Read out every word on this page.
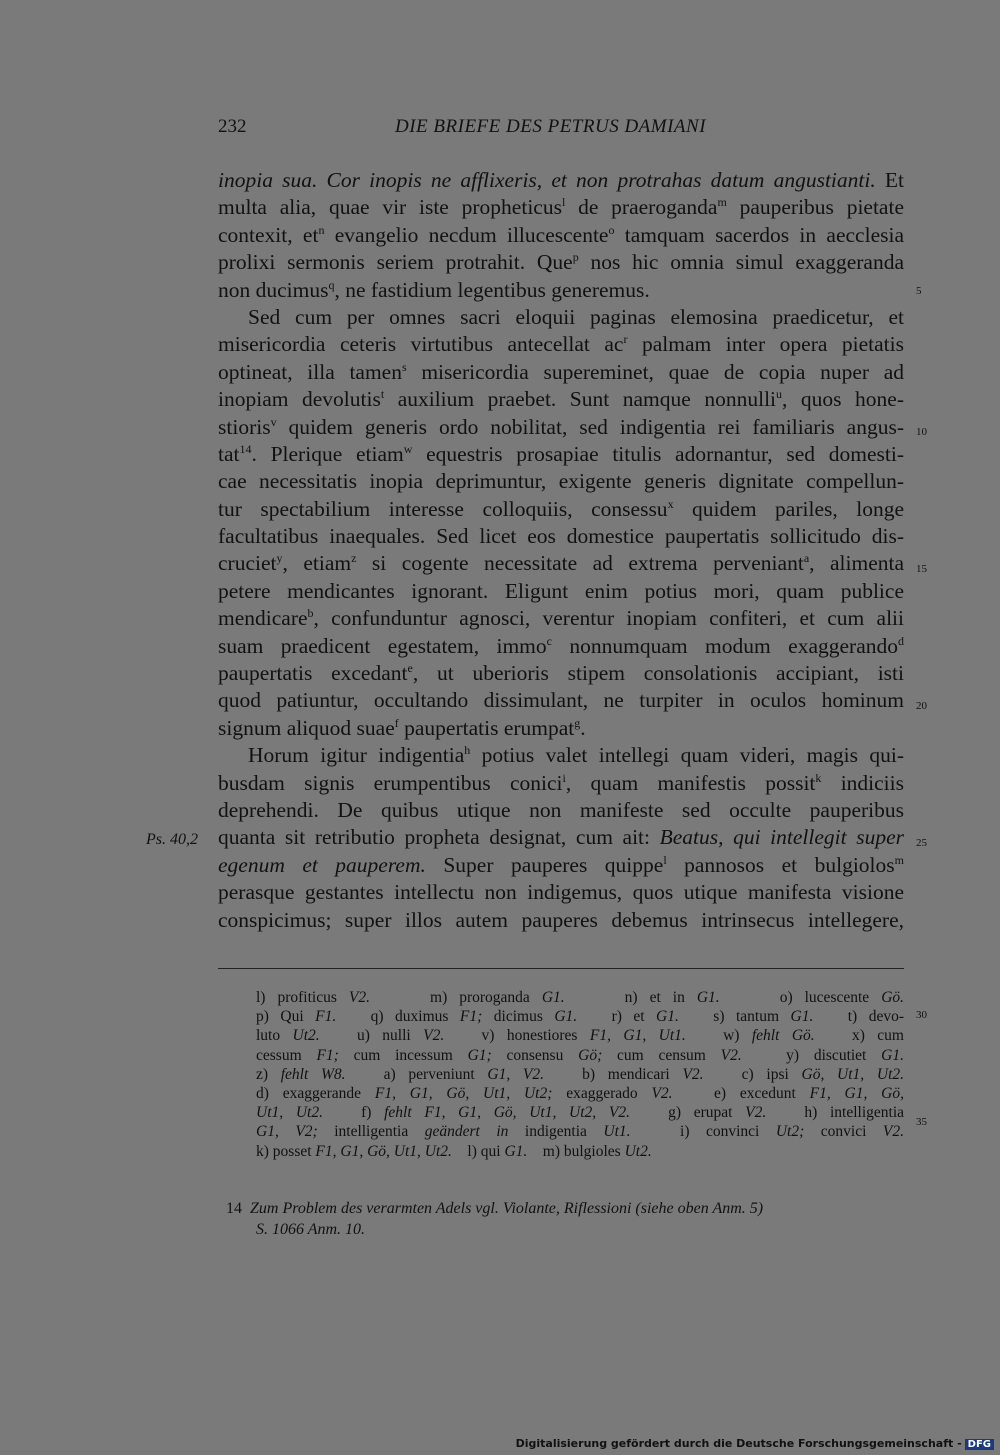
232	DIE BRIEFE DES PETRUS DAMIANI
inopia sua. Cor inopis ne afflixeris, et non protrahas datum angustianti. Et
multa alia, quae vir iste propheticus$^l$ de praeroganda$^m$ pauperibus pietate
contexit, $et^n$ evangelio necdum illucescente$^o$ tamquam sacerdos in aecclesia
prolixi sermonis seriem protrahit. Que$^p$ nos hic omnia simul exaggeranda
non ducimus$^q$, ne fastidium legentibus generemus.
Sed cum per omnes sacri eloquii paginas elemosina praedicetur, et
misericordia ceteris virtutibus antecellat $ac^r$ palmam inter opera pietatis
optineat, illa tamen$^s$ misericordia supereminet, quae de copia nuper ad
inopiam devolutis$^t$ auxilium praebet. Sunt namque nonnulli$^u$, quos hone-
stioris$^v$ quidem generis ordo nobilitat, sed indigentia rei familiaris angus-
tat$^{14}$. Plerique etiam$^w$ equestris prosapiae titulis adornantur, sed domesti-
cae necessitatis inopia deprimuntur, exigente generis dignitate compellun-
tur spectabilium interesse colloquiis, consessu$^x$ quidem pariles, longe
facultatibus inaequales. Sed licet eos domestice paupertatis sollicitudo dis-
cruciet$^y$, etiam$^z$ si cogente necessitate ad extrema perveniant$^a$, alimenta
petere mendicantes ignorant. Eligunt enim potius mori, quam publice
mendicare$^b$, confunduntur agnosci, verentur inopiam confiteri, et cum alii
suam praedicent egestatem, immo$^c$ nonnumquam modum exaggerando$^d$
paupertatis excedant$^e$, ut uberioris stipem consolationis accipiant, isti
quod patiuntur, occultando dissimulant, ne turpiter in oculos hominum
signum aliquod suae$^f$ paupertatis erumpat$^g$.
Horum igitur indigentia$^h$ potius valet intellegi quam videri, magis qui-
busdam signis erumpentibus conici$^i$, quam manifestis possit$^k$ indiciis
deprehendi. De quibus utique non manifeste sed occulte pauperibus
quanta sit retributio propheta designat, cum ait: Beatus, qui intellegit super
egenum et pauperem. Super pauperes quippe$^l$ pannosos et bulgiolos$^m$
perasque gestantes intellectu non indigemus, quos utique manifesta visione
conspicimus; super illos autem pauperes debemus intrinsecus intellegere,
5
10
15
20
25
Ps. 40,2
l) profiticus V2.     m) proroganda G1.     n) et in G1.     o) lucescente Gö.
p) Qui F1.   q) duximus F1; dicimus G1.   r) et G1.   s) tantum G1.   t) devo-
luto Ut2.   u) nulli V2.   v) honestiores F1, G1, Ut1.   w) fehlt Gö.   x) cum
cessum F1; cum incessum G1; consensu Gö; cum censum V2.   y) discutiet G1.
z) fehlt W8.   a) perveniunt G1, V2.   b) mendicari V2.   c) ipsi Gö, Ut1, Ut2.
d) exaggerande F1, G1, Gö, Ut1, Ut2; exaggerado V2.   e) excedunt F1, G1, Gö,
Ut1, Ut2.   f) fehlt F1, G1, Gö, Ut1, Ut2, V2.   g) erupat V2.   h) intelligentia
G1, V2; intelligentia geändert in indigentia Ut1.   i) convinci Ut2; convici V2.
k) posset F1, G1, Gö, Ut1, Ut2.    l) qui G1.    m) bulgioles Ut2.
30
35
14 Zum Problem des verarmten Adels vgl. Violante, Riflessioni (siehe oben Anm. 5)
S. 1066 Anm. 10.
Digitalisierung gefördert durch die Deutsche Forschungsgemeinschaft - DFG
